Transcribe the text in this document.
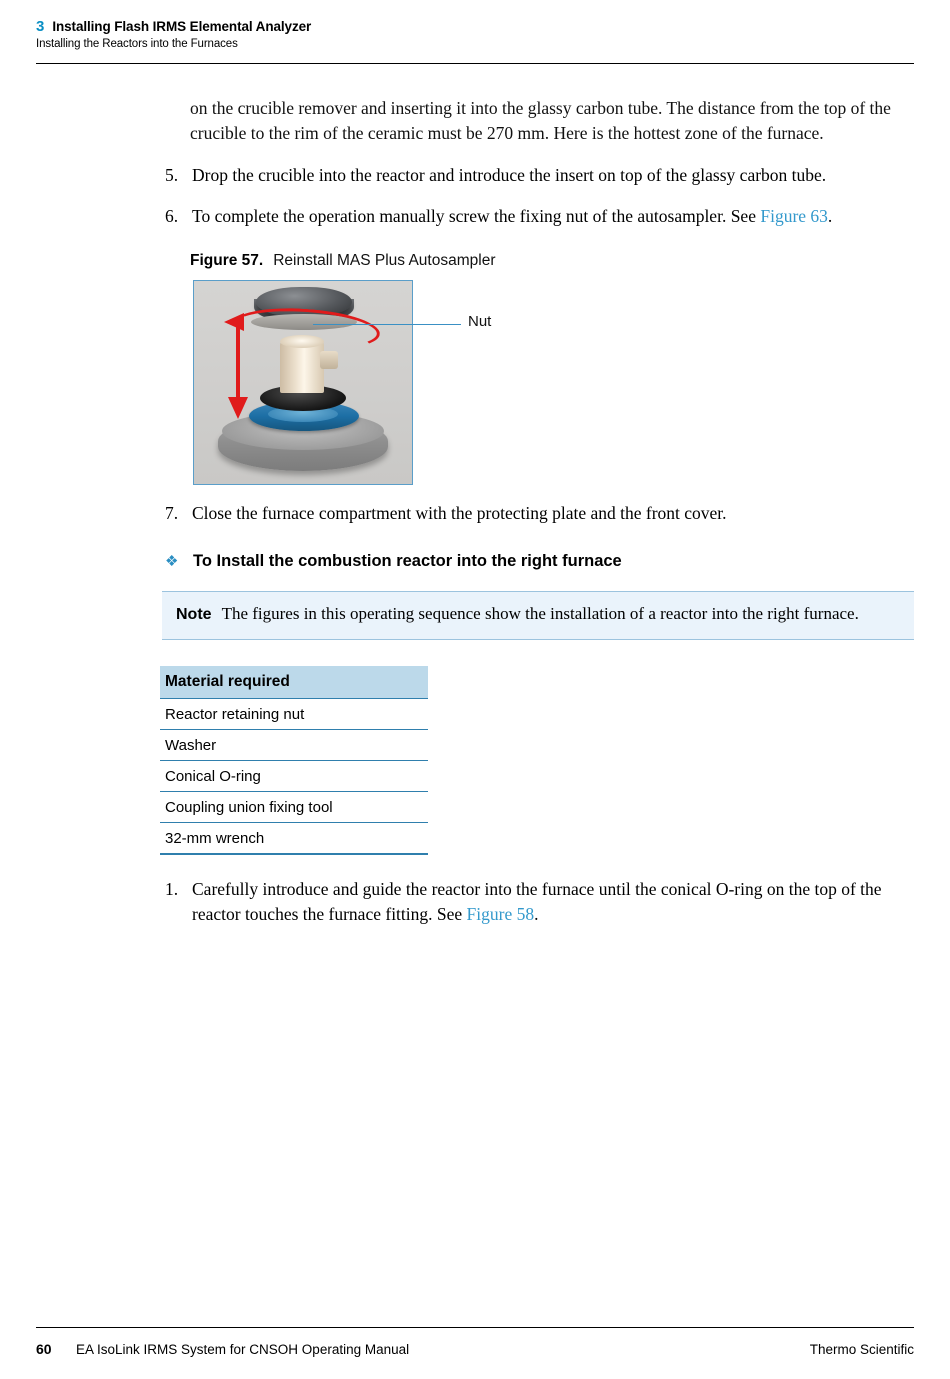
3 Installing Flash IRMS Elemental Analyzer
Installing the Reactors into the Furnaces
on the crucible remover and inserting it into the glassy carbon tube. The distance from the top of the crucible to the rim of the ceramic must be 270 mm. Here is the hottest zone of the furnace.
5. Drop the crucible into the reactor and introduce the insert on top of the glassy carbon tube.
6. To complete the operation manually screw the fixing nut of the autosampler. See Figure 63.
Figure 57. Reinstall MAS Plus Autosampler
Nut
7. Close the furnace compartment with the protecting plate and the front cover.
❖ To Install the combustion reactor into the right furnace
Note The figures in this operating sequence show the installation of a reactor into the right furnace.
Material required
Reactor retaining nut
Washer
Conical O-ring
Coupling union fixing tool
32-mm wrench
1. Carefully introduce and guide the reactor into the furnace until the conical O-ring on the top of the reactor touches the furnace fitting. See Figure 58.
60	EA IsoLink IRMS System for CNSOH Operating Manual	Thermo Scientific
